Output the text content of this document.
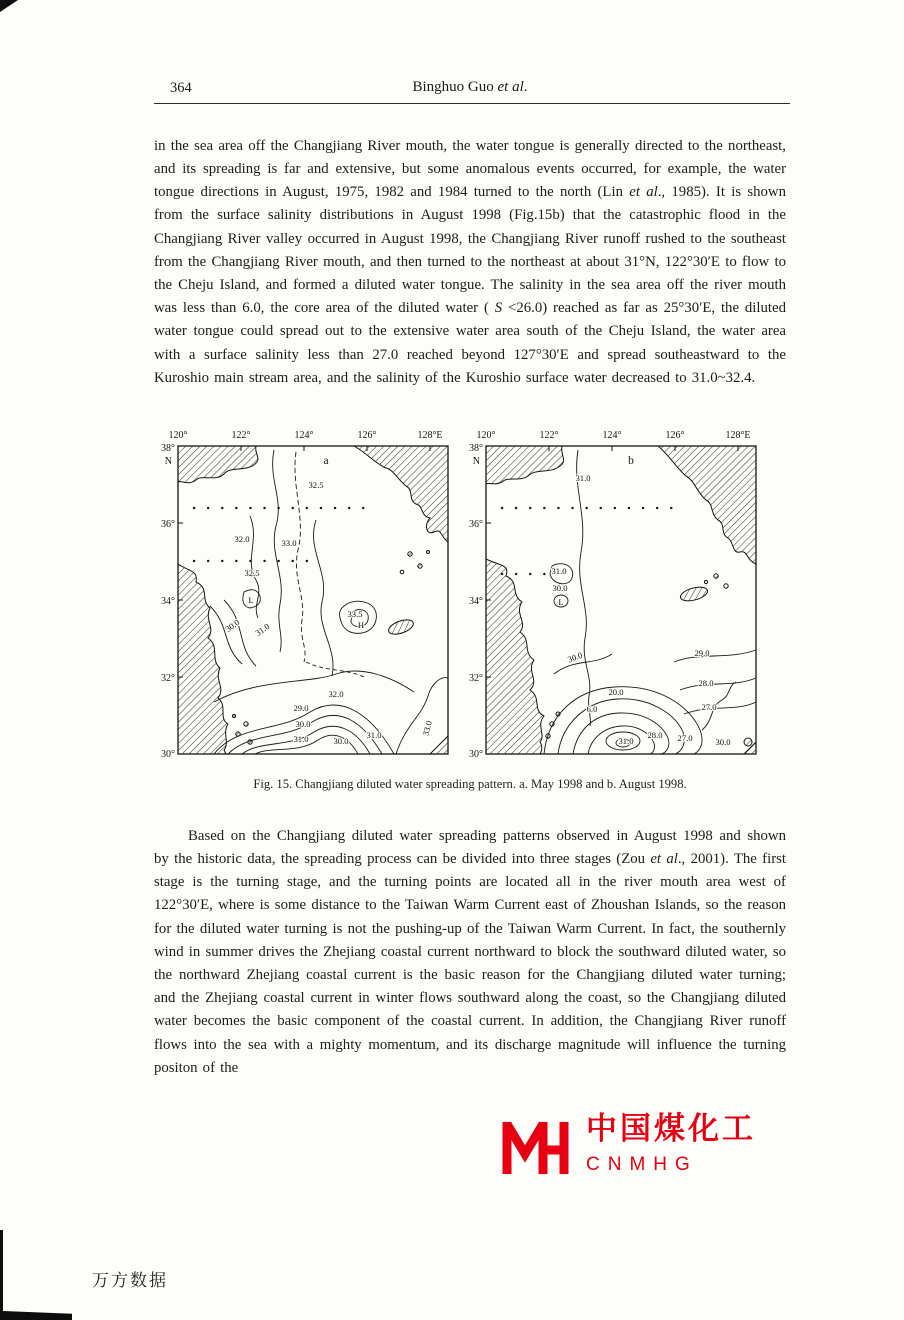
364	Binghuo Guo et al.

in the sea area off the Changjiang River mouth, the water tongue is generally directed to the northeast, and its spreading is far and extensive, but some anomalous events occurred, for example, the water tongue directions in August, 1975, 1982 and 1984 turned to the north (Lin et al., 1985). It is shown from the surface salinity distributions in August 1998 (Fig.15b) that the catastrophic flood in the Changjiang River valley occurred in August 1998, the Changjiang River runoff rushed to the southeast from the Changjiang River mouth, and then turned to the northeast at about 31°N, 122°30′E to flow to the Cheju Island, and formed a diluted water tongue. The salinity in the sea area off the river mouth was less than 6.0, the core area of the diluted water ( S <26.0) reached as far as 25°30′E, the diluted water tongue could spread out to the extensive water area south of the Cheju Island, the water area with a surface salinity less than 27.0 reached beyond 127°30′E and spread southeastward to the Kuroshio main stream area, and the salinity of the Kuroshio surface water decreased to 31.0~32.4.

120°	122°	124°	126°	128°E
38°
N
36°
34°
32°
30°
32.5
32.0	33.0
32.5
L
30.0 31.0
33.5
H
32.0
29.0
30.0
31.0	30.0
31.0	33.0
a
120°	122°	124°	126°	128°E
38°
N
36°
34°
32°
30°
31.0
31.0
30.0
L
30.0	29.0
28.0
27.0
20.0
6.0
31.0
28.0 27.0	30.0
b
Fig. 15. Changjiang diluted water spreading pattern. a. May 1998 and b. August 1998.

Based on the Changjiang diluted water spreading patterns observed in August 1998 and shown by the historic data, the spreading process can be divided into three stages (Zou et al., 2001). The first stage is the turning stage, and the turning points are located all in the river mouth area west of 122°30′E, where is some distance to the Taiwan Warm Current east of Zhoushan Islands, so the reason for the diluted water turning is not the pushing-up of the Taiwan Warm Current. In fact, the southernly wind in summer drives the Zhejiang coastal current northward to block the southward diluted water, so the northward Zhejiang coastal current is the basic reason for the Changjiang diluted water turning; and the Zhejiang coastal current in winter flows southward along the coast, so the Changjiang diluted water becomes the basic component of the coastal current. In addition, the Changjiang River runoff flows into the sea with a mighty momentum, and its discharge magnitude will influence the turning positon of the

中国煤化工
CNMHG
万方数据
